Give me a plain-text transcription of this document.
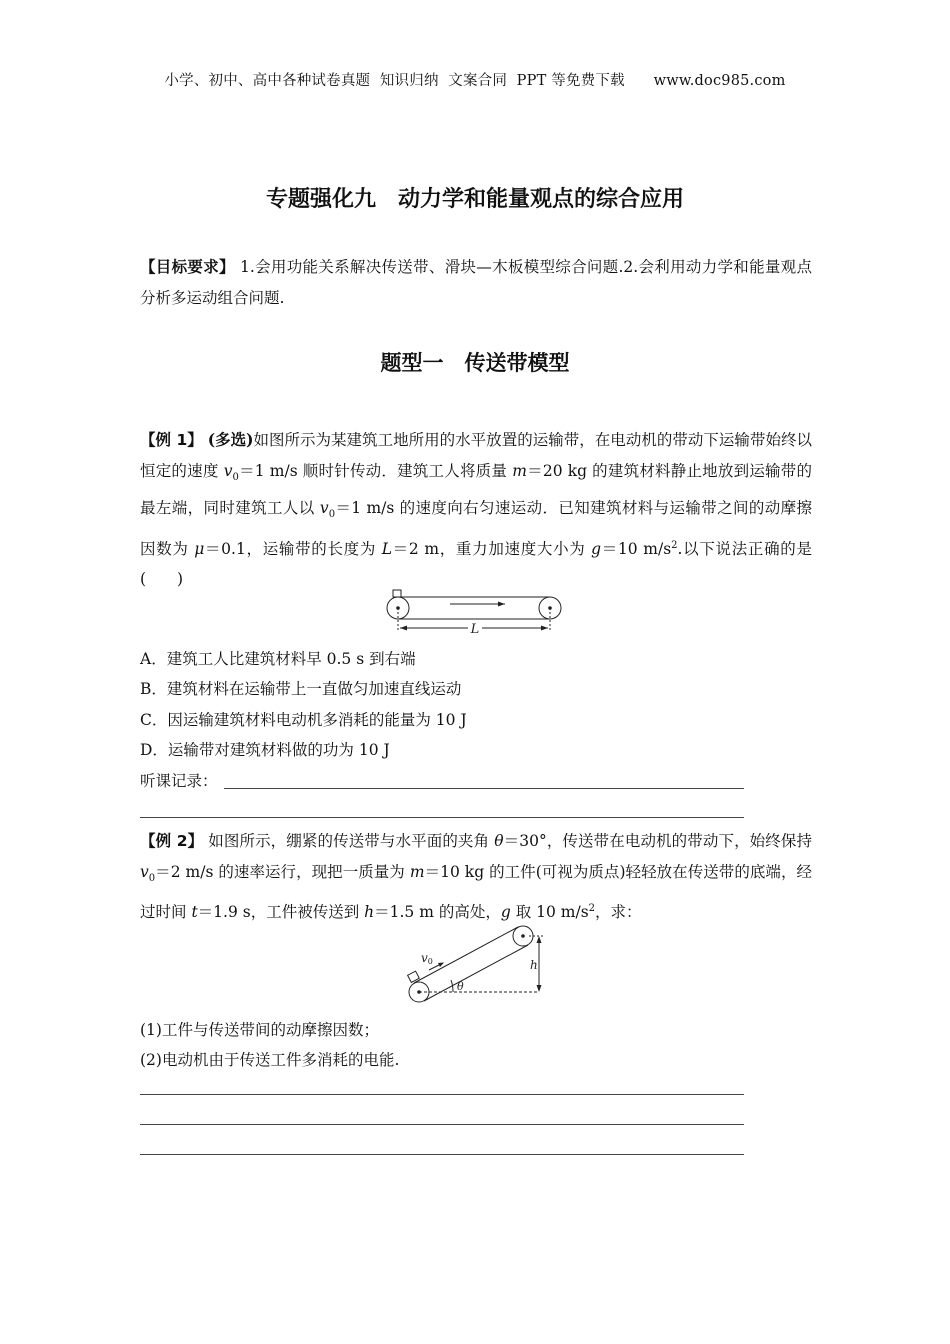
小学、初中、高中各种试卷真题  知识归纳  文案合同  PPT 等免费下载      www.doc985.com
专题强化九　动力学和能量观点的综合应用
【目标要求】 1.会用功能关系解决传送带、滑块—木板模型综合问题.2.会利用动力学和能量观点分析多运动组合问题.
题型一　传送带模型
【例 1】 (多选)如图所示为某建筑工地所用的水平放置的运输带，在电动机的带动下运输带始终以恒定的速度 $v_0=1$ m/s 顺时针传动．建筑工人将质量 m＝20 kg 的建筑材料静止地放到运输带的最左端，同时建筑工人以 $v_0=1$ m/s 的速度向右匀速运动．已知建筑材料与运输带之间的动摩擦因数为 μ＝0.1，运输带的长度为 L＝2 m，重力加速度大小为 g＝10 $m/s^2$.以下说法正确的是(　　)
L
A．建筑工人比建筑材料早 0.5 s 到右端
B．建筑材料在运输带上一直做匀加速直线运动
C．因运输建筑材料电动机多消耗的能量为 10 J
D．运输带对建筑材料做的功为 10 J
听课记录：
【例 2】 如图所示，绷紧的传送带与水平面的夹角 θ＝30°，传送带在电动机的带动下，始终保持 $v_0=2$ m/s 的速率运行，现把一质量为 m＝10 kg 的工件(可视为质点)轻轻放在传送带的底端，经过时间 t＝1.9 s，工件被传送到 h＝1.5 m 的高处，g 取 10 $m/s^2$，求：
v0	h
θ
(1)工件与传送带间的动摩擦因数；
(2)电动机由于传送工件多消耗的电能.
